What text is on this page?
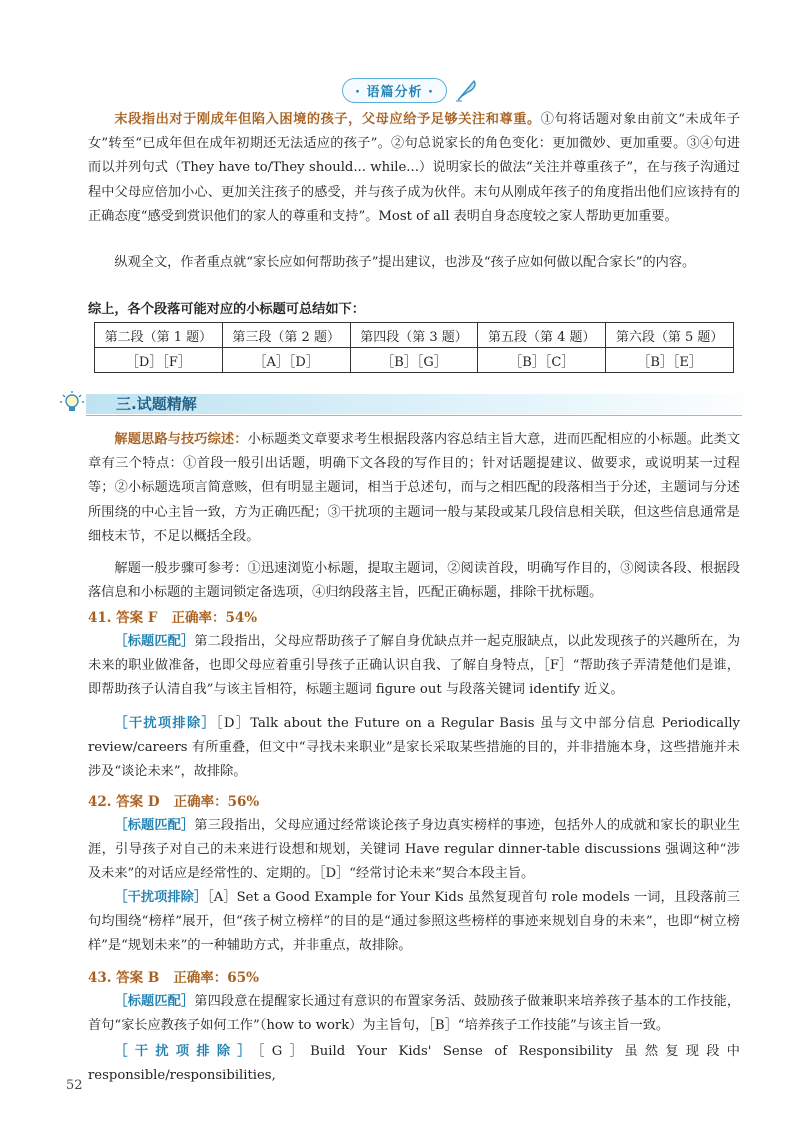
· 语篇分析 ·

末段指出对于刚成年但陷入困境的孩子，父母应给予足够关注和尊重。①句将话题对象由前文“未成年子女”转至“已成年但在成年初期还无法适应的孩子”。②句总说家长的角色变化：更加微妙、更加重要。③④句进而以并列句式（They have to/They should... while...）说明家长的做法“关注并尊重孩子”，在与孩子沟通过程中父母应倍加小心、更加关注孩子的感受，并与孩子成为伙伴。末句从刚成年孩子的角度指出他们应该持有的正确态度“感受到赏识他们的家人的尊重和支持”。Most of all 表明自身态度较之家人帮助更加重要。

纵观全文，作者重点就“家长应如何帮助孩子”提出建议，也涉及“孩子应如何做以配合家长”的内容。

综上，各个段落可能对应的小标题可总结如下：

第二段（第 1 题）	第三段（第 2 题）	第四段（第 3 题）	第五段（第 4 题）	第六段（第 5 题）
［D］［F］	［A］［D］	［B］［G］	［B］［C］	［B］［E］
三.试题精解

解题思路与技巧综述：小标题类文章要求考生根据段落内容总结主旨大意，进而匹配相应的小标题。此类文章有三个特点：①首段一般引出话题，明确下文各段的写作目的；针对话题提建议、做要求，或说明某一过程等；②小标题选项言简意赅，但有明显主题词，相当于总述句，而与之相匹配的段落相当于分述，主题词与分述所围绕的中心主旨一致，方为正确匹配；③干扰项的主题词一般与某段或某几段信息相关联，但这些信息通常是细枝末节，不足以概括全段。

解题一般步骤可参考：①迅速浏览小标题，提取主题词，②阅读首段，明确写作目的，③阅读各段、根据段落信息和小标题的主题词锁定备选项，④归纳段落主旨，匹配正确标题，排除干扰标题。

41. 答案 F 正确率：54%

［标题匹配］第二段指出，父母应帮助孩子了解自身优缺点并一起克服缺点，以此发现孩子的兴趣所在，为未来的职业做准备，也即父母应着重引导孩子正确认识自我、了解自身特点，［F］“帮助孩子弄清楚他们是谁，即帮助孩子认清自我”与该主旨相符，标题主题词 figure out 与段落关键词 identify 近义。

［干扰项排除］［D］Talk about the Future on a Regular Basis 虽与文中部分信息 Periodically review/careers 有所重叠，但文中“寻找未来职业”是家长采取某些措施的目的，并非措施本身，这些措施并未涉及“谈论未来”，故排除。

42. 答案 D 正确率：56%

［标题匹配］第三段指出，父母应通过经常谈论孩子身边真实榜样的事迹，包括外人的成就和家长的职业生涯，引导孩子对自己的未来进行设想和规划，关键词 Have regular dinner-table discussions 强调这种“涉及未来”的对话应是经常性的、定期的。［D］“经常讨论未来”契合本段主旨。

［干扰项排除］［A］Set a Good Example for Your Kids 虽然复现首句 role models 一词，且段落前三句均围绕“榜样”展开，但“孩子树立榜样”的目的是“通过参照这些榜样的事迹来规划自身的未来”，也即“树立榜样”是“规划未来”的一种辅助方式，并非重点，故排除。

43. 答案 B 正确率：65%

［标题匹配］第四段意在提醒家长通过有意识的布置家务活、鼓励孩子做兼职来培养孩子基本的工作技能，首句“家长应教孩子如何工作”（how to work）为主旨句，［B］“培养孩子工作技能”与该主旨一致。

［干扰项排除］［G］Build Your Kids' Sense of Responsibility 虽然复现段中 responsible/responsibilities,

52
